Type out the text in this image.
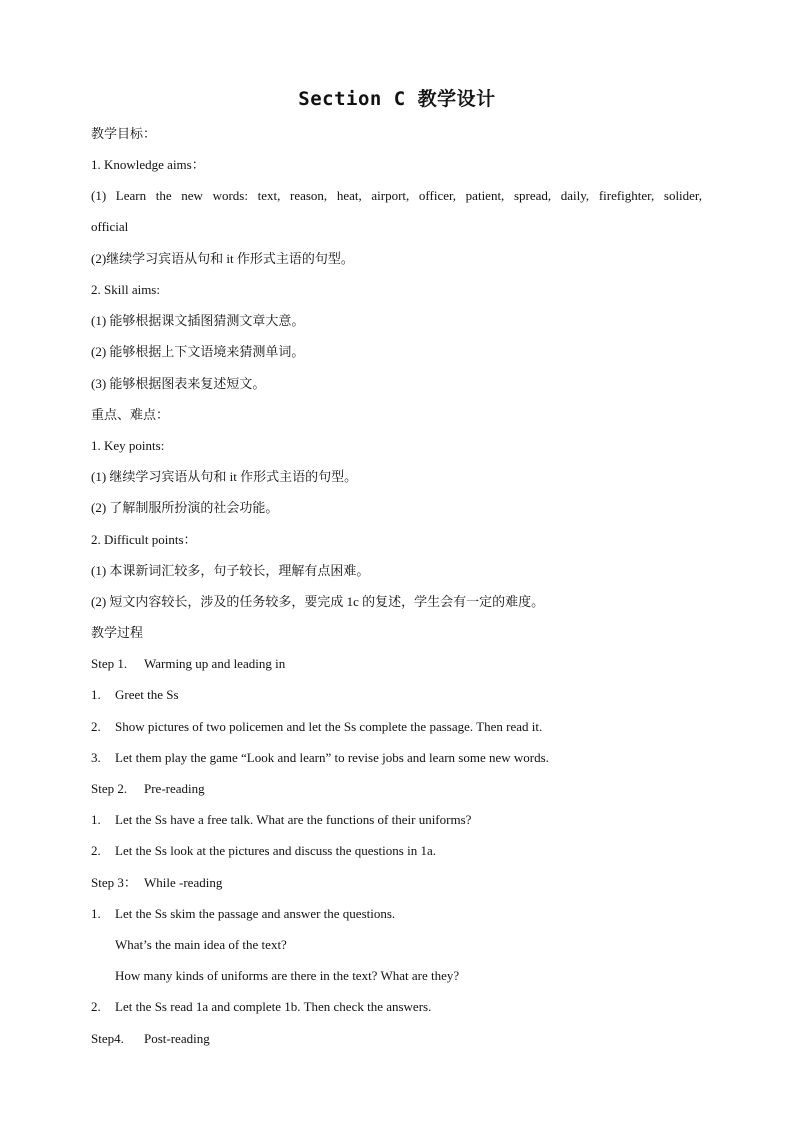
Section C 教学设计
教学目标：
1. Knowledge aims：
(1) Learn the new words: text, reason, heat, airport, officer, patient, spread, daily, firefighter, solider,
official
(2)继续学习宾语从句和 it 作形式主语的句型。
2. Skill aims:
(1) 能够根据课文插图猜测文章大意。
(2) 能够根据上下文语境来猜测单词。
(3) 能够根据图表来复述短文。
重点、难点：
1. Key points:
(1) 继续学习宾语从句和 it 作形式主语的句型。
(2) 了解制服所扮演的社会功能。
2. Difficult points：
(1) 本课新词汇较多，句子较长，理解有点困难。
(2) 短文内容较长，涉及的任务较多，要完成 1c 的复述，学生会有一定的难度。
教学过程
Step 1. Warming up and leading in
1. Greet the Ss
2. Show pictures of two policemen and let the Ss complete the passage. Then read it.
3. Let them play the game “Look and learn” to revise jobs and learn some new words.
Step 2. Pre-reading
1. Let the Ss have a free talk. What are the functions of their uniforms?
2. Let the Ss look at the pictures and discuss the questions in 1a.
Step 3： While -reading
1. Let the Ss skim the passage and answer the questions.
What’s the main idea of the text?
How many kinds of uniforms are there in the text? What are they?
2. Let the Ss read 1a and complete 1b. Then check the answers.
Step4. Post-reading
